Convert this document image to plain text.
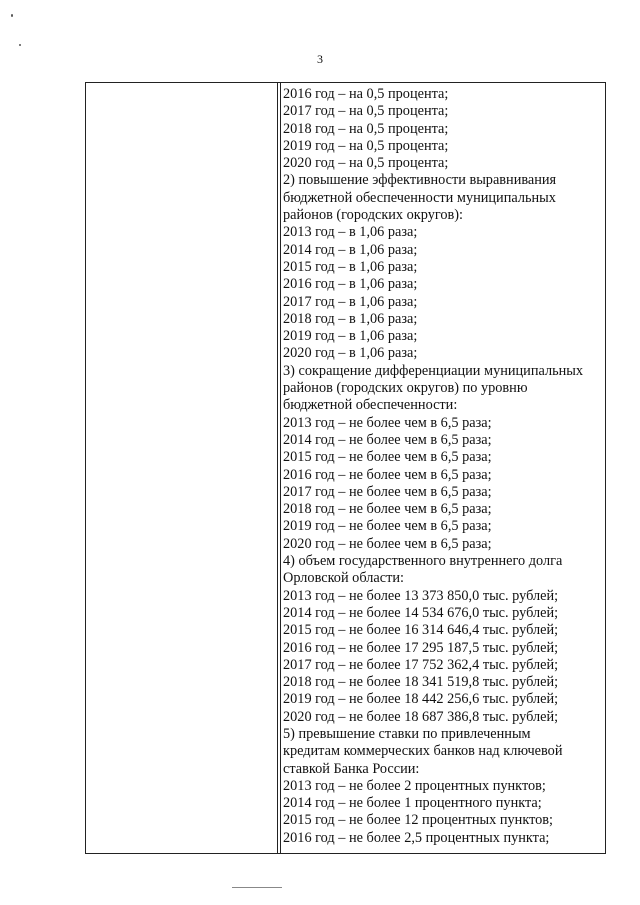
3

2016 год – на 0,5 процента;

2017 год – на 0,5 процента;

2018 год – на 0,5 процента;

2019 год – на 0,5 процента;

2020 год – на 0,5 процента;

2) повышение эффективности выравнивания

бюджетной обеспеченности муниципальных

районов (городских округов):

2013 год – в 1,06 раза;

2014 год – в 1,06 раза;

2015 год – в 1,06 раза;

2016 год – в 1,06 раза;

2017 год – в 1,06 раза;

2018 год – в 1,06 раза;

2019 год – в 1,06 раза;

2020 год – в 1,06 раза;

3) сокращение дифференциации муниципальных

районов (городских округов) по уровню

бюджетной обеспеченности:

2013 год – не более чем в 6,5 раза;

2014 год – не более чем в 6,5 раза;

2015 год – не более чем в 6,5 раза;

2016 год – не более чем в 6,5 раза;

2017 год – не более чем в 6,5 раза;

2018 год – не более чем в 6,5 раза;

2019 год – не более чем в 6,5 раза;

2020 год – не более чем в 6,5 раза;

4) объем государственного внутреннего долга

Орловской области:

2013 год – не более 13 373 850,0 тыс. рублей;

2014 год – не более 14 534 676,0 тыс. рублей;

2015 год – не более 16 314 646,4 тыс. рублей;

2016 год – не более 17 295 187,5 тыс. рублей;

2017 год – не более 17 752 362,4 тыс. рублей;

2018 год – не более 18 341 519,8 тыс. рублей;

2019 год – не более 18 442 256,6 тыс. рублей;

2020 год – не более 18 687 386,8 тыс. рублей;

5) превышение ставки по привлеченным

кредитам коммерческих банков над ключевой

ставкой Банка России:

2013 год – не более 2 процентных пунктов;

2014 год – не более 1 процентного пункта;

2015 год – не более 12 процентных пунктов;

2016 год – не более 2,5 процентных пункта;
